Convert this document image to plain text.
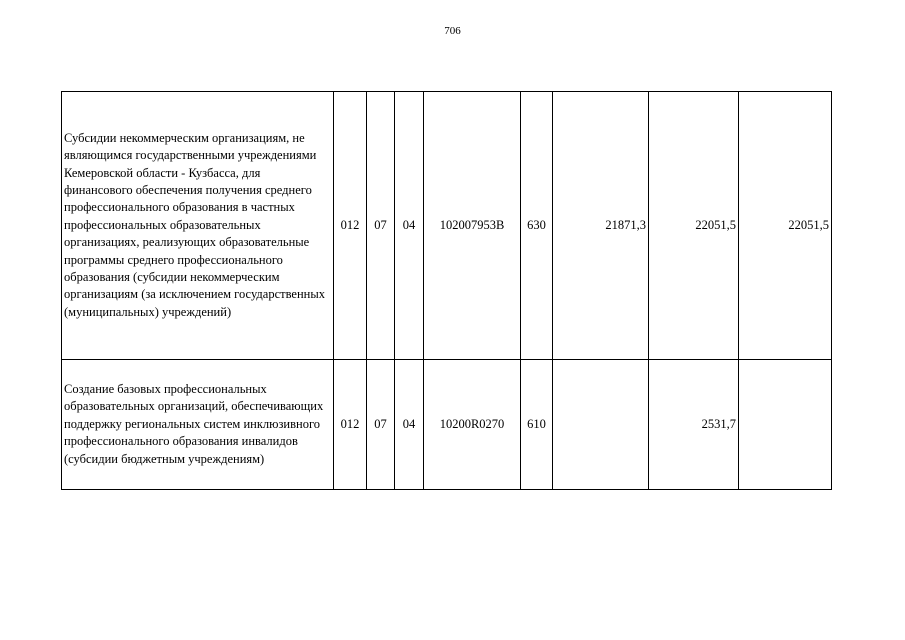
706
Субсидии некоммерческим организациям, не являющимся государственными учреждениями Кемеровской области - Кузбасса, для финансового обеспечения получения среднего профессионального образования в частных профессиональных образовательных организациях, реализующих образовательные программы среднего профессионального образования (субсидии некоммерческим организациям (за исключением государственных (муниципальных) учреждений)	012	07	04	102007953В	630	21871,3	22051,5	22051,5
Создание базовых профессиональных образовательных организаций, обеспечивающих поддержку региональных систем инклюзивного профессионального образования инвалидов (субсидии бюджетным учреждениям)	012	07	04	10200R0270	610		2531,7	
